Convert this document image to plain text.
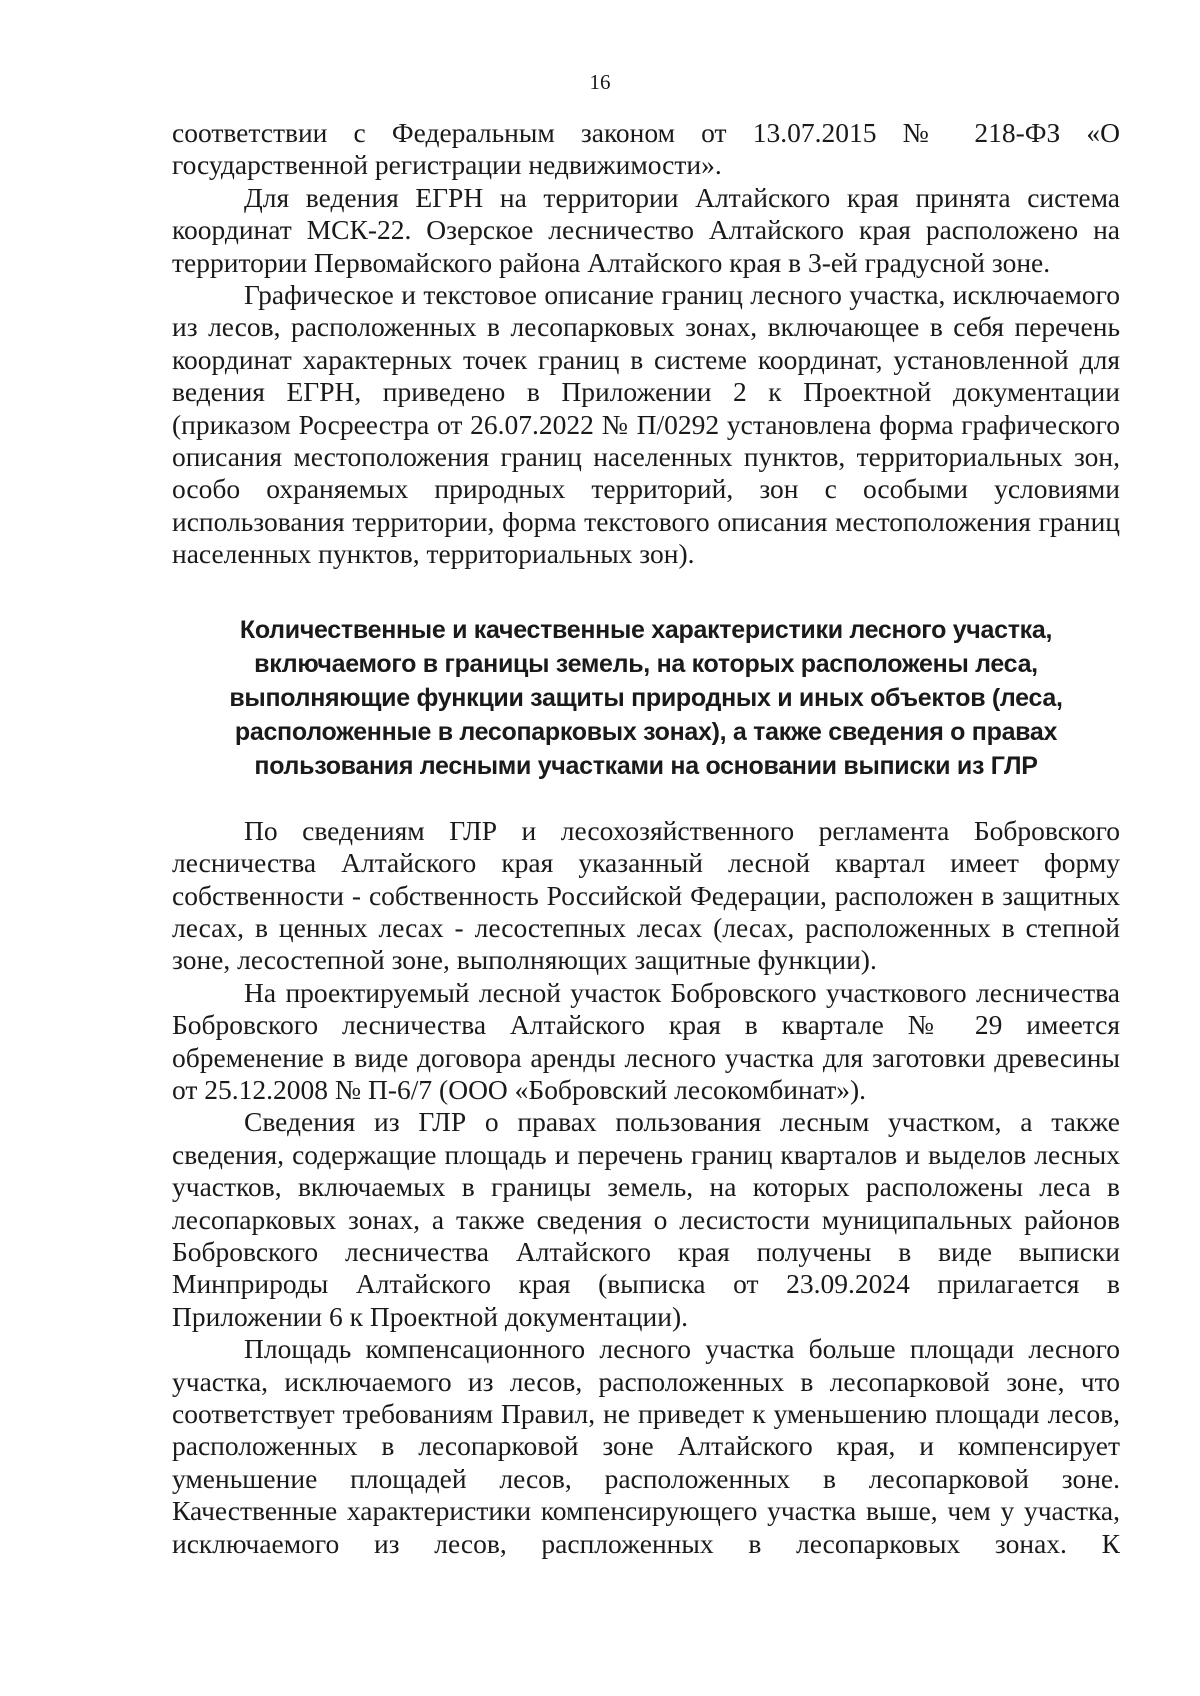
16

соответствии с Федеральным законом от 13.07.2015 № 218-ФЗ «О государственной регистрации недвижимости».

Для ведения ЕГРН на территории Алтайского края принята система координат МСК-22. Озерское лесничество Алтайского края расположено на территории Первомайского района Алтайского края в 3-ей градусной зоне.

Графическое и текстовое описание границ лесного участка, исключаемого из лесов, расположенных в лесопарковых зонах, включающее в себя перечень координат характерных точек границ в системе координат, установленной для ведения ЕГРН, приведено в Приложении 2 к Проектной документации (приказом Росреестра от 26.07.2022 № П/0292 установлена форма графического описания местоположения границ населенных пунктов, территориальных зон, особо охраняемых природных территорий, зон с особыми условиями использования территории, форма текстового описания местоположения границ населенных пунктов, территориальных зон).

Количественные и качественные характеристики лесного участка,
включаемого в границы земель, на которых расположены леса,
выполняющие функции защиты природных и иных объектов (леса,
расположенные в лесопарковых зонах), а также сведения о правах
пользования лесными участками на основании выписки из ГЛР

По сведениям ГЛР и лесохозяйственного регламента Бобровского лесничества Алтайского края указанный лесной квартал имеет форму собственности - собственность Российской Федерации, расположен в защитных лесах, в ценных лесах - лесостепных лесах (лесах, расположенных в степной зоне, лесостепной зоне, выполняющих защитные функции).

На проектируемый лесной участок Бобровского участкового лесничества Бобровского лесничества Алтайского края в квартале № 29 имеется обременение в виде договора аренды лесного участка для заготовки древесины от 25.12.2008 № П-6/7 (ООО «Бобровский лесокомбинат»).

Сведения из ГЛР о правах пользования лесным участком, а также сведения, содержащие площадь и перечень границ кварталов и выделов лесных участков, включаемых в границы земель, на которых расположены леса в лесопарковых зонах, а также сведения о лесистости муниципальных районов Бобровского лесничества Алтайского края получены в виде выписки Минприроды Алтайского края (выписка от 23.09.2024 прилагается в Приложении 6 к Проектной документации).

Площадь компенсационного лесного участка больше площади лесного участка, исключаемого из лесов, расположенных в лесопарковой зоне, что соответствует требованиям Правил, не приведет к уменьшению площади лесов, расположенных в лесопарковой зоне Алтайского края, и компенсирует уменьшение площадей лесов, расположенных в лесопарковой зоне. Качественные характеристики компенсирующего участка выше, чем у участка, исключаемого из лесов, распложенных в лесопарковых зонах. К
